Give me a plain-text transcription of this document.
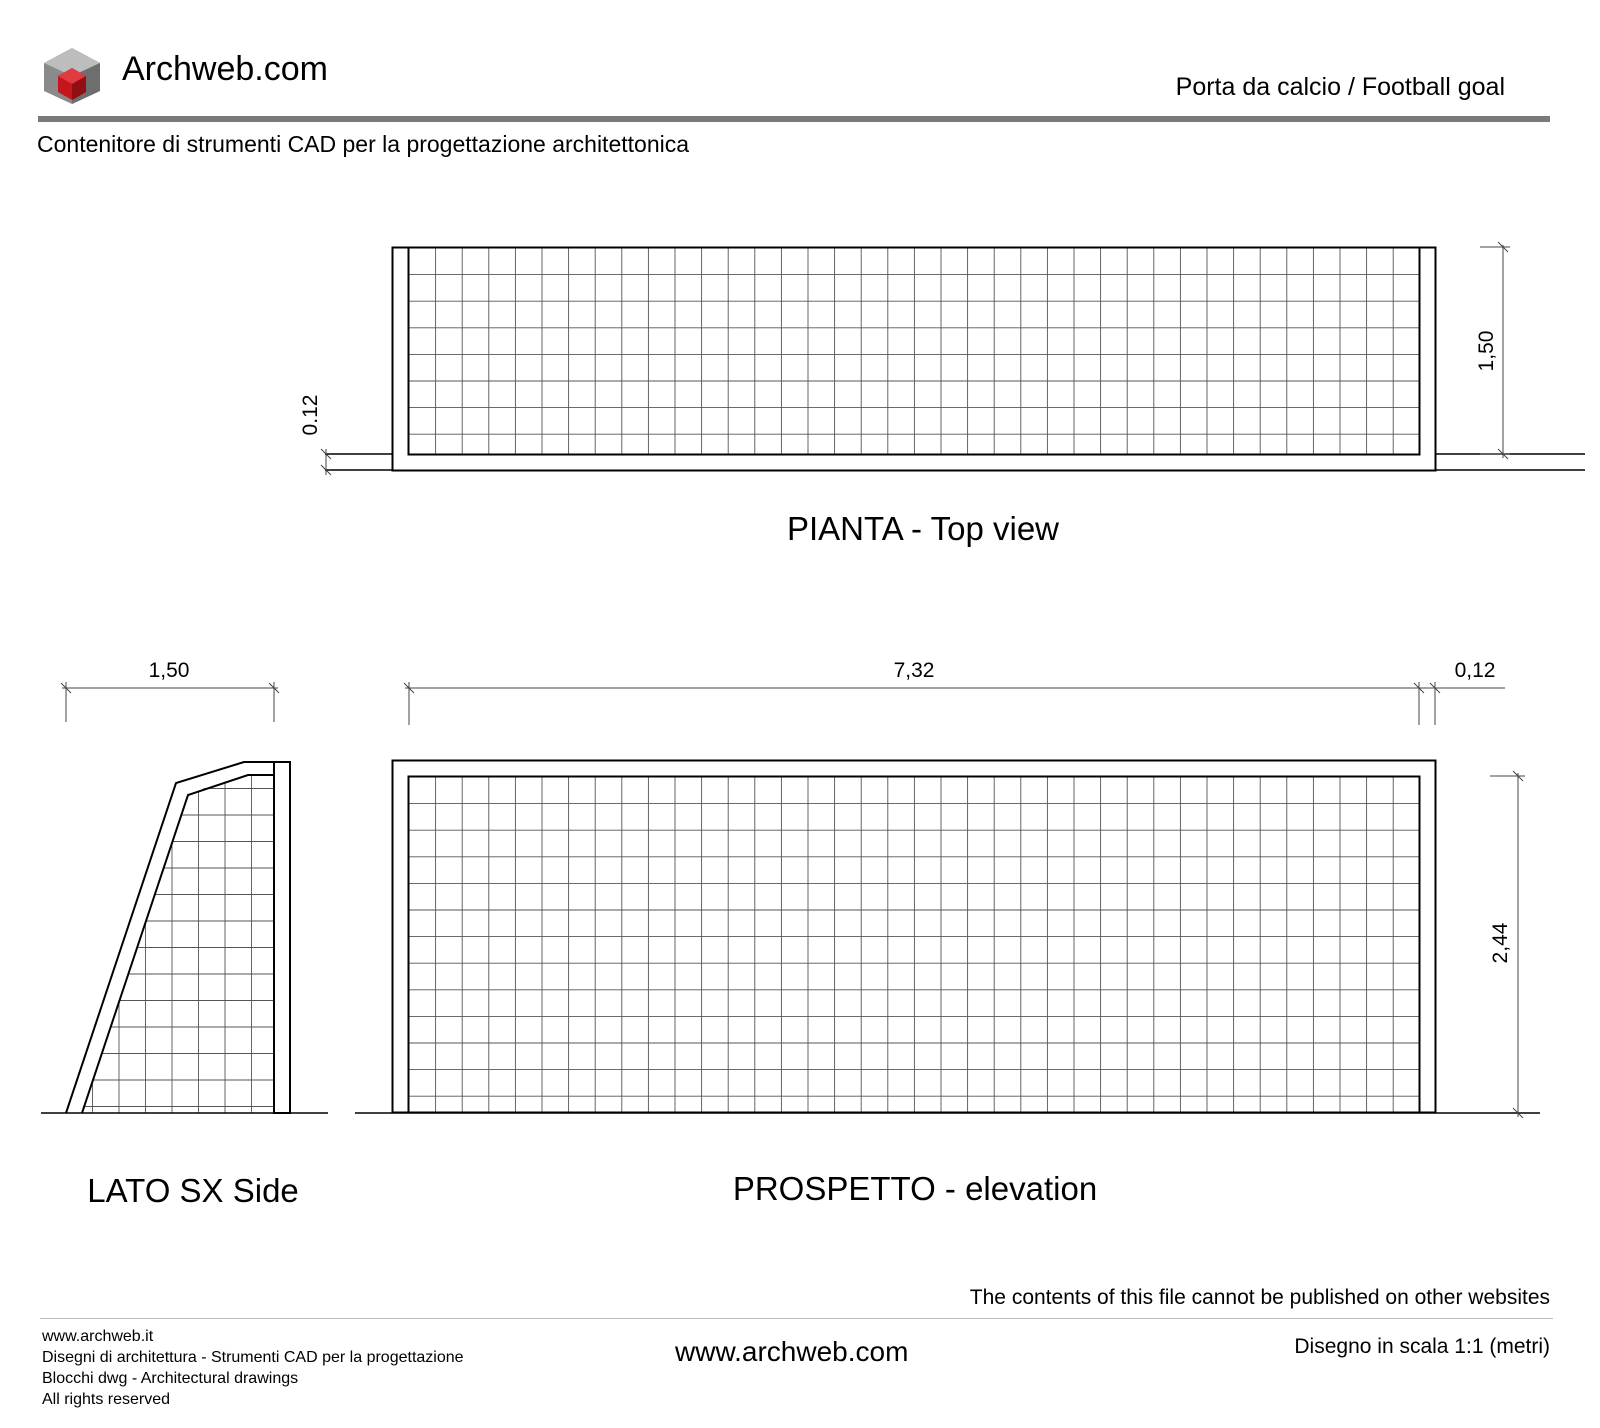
Archweb.com	Porta da calcio / Football goal
Contenitore di strumenti CAD per la progettazione architettonica
1,50
0.12
PIANTA - Top view
1,50
LATO SX Side
7,32	0,12
2,44
PROSPETTO - elevation
The contents of this file cannot be published on other websites
www.archweb.it
Disegni di architettura - Strumenti CAD per la progettazione
Blocchi dwg - Architectural drawings
All rights reserved
www.archweb.com	Disegno in scala 1:1 (metri)
